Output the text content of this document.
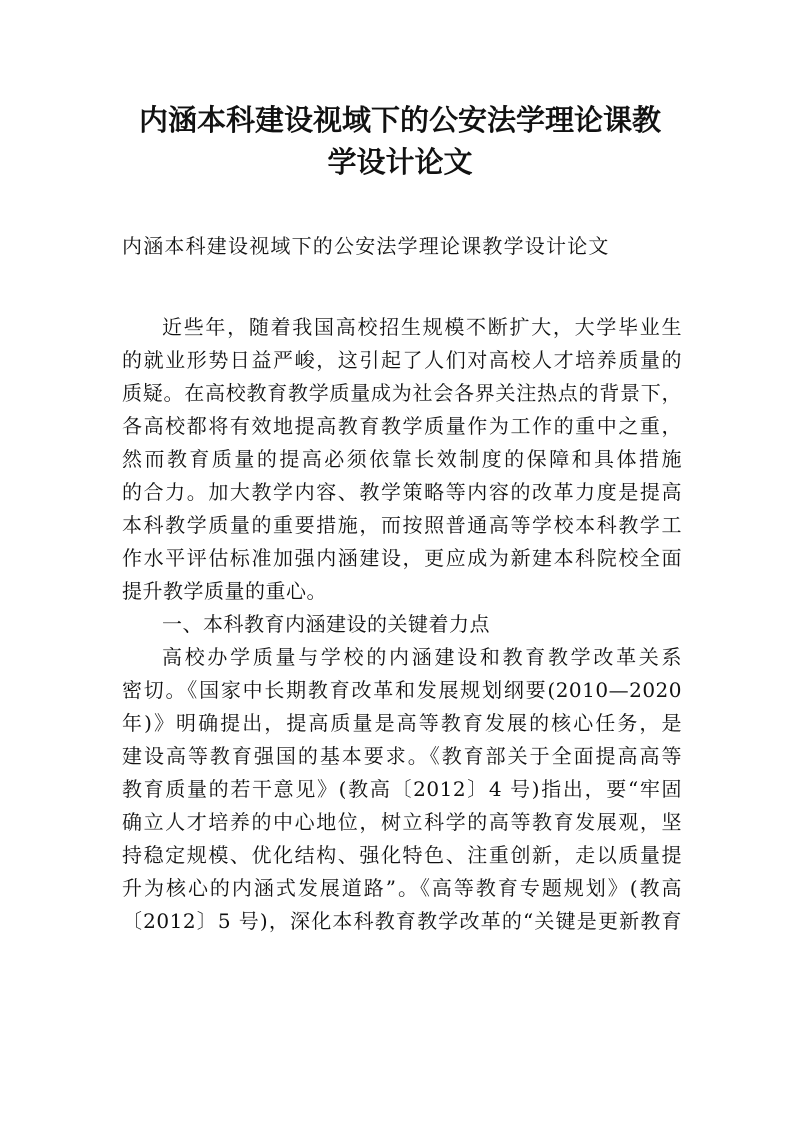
内涵本科建设视域下的公安法学理论课教
学设计论文

内涵本科建设视域下的公安法学理论课教学设计论文

近些年，随着我国高校招生规模不断扩大，大学毕业生

的就业形势日益严峻，这引起了人们对高校人才培养质量的

质疑。在高校教育教学质量成为社会各界关注热点的背景下，

各高校都将有效地提高教育教学质量作为工作的重中之重，

然而教育质量的提高必须依靠长效制度的保障和具体措施

的合力。加大教学内容、教学策略等内容的改革力度是提高

本科教学质量的重要措施，而按照普通高等学校本科教学工

作水平评估标准加强内涵建设，更应成为新建本科院校全面

提升教学质量的重心。

一、本科教育内涵建设的关键着力点

高校办学质量与学校的内涵建设和教育教学改革关系

密切。《国家中长期教育改革和发展规划纲要(2010—2020

年)》明确提出，提高质量是高等教育发展的核心任务，是

建设高等教育强国的基本要求。《教育部关于全面提高高等

教育质量的若干意见》(教高〔2012〕4 号)指出，要“牢固

确立人才培养的中心地位，树立科学的高等教育发展观，坚

持稳定规模、优化结构、强化特色、注重创新，走以质量提

升为核心的内涵式发展道路”。《高等教育专题规划》(教高

〔2012〕5 号)，深化本科教育教学改革的“关键是更新教育
